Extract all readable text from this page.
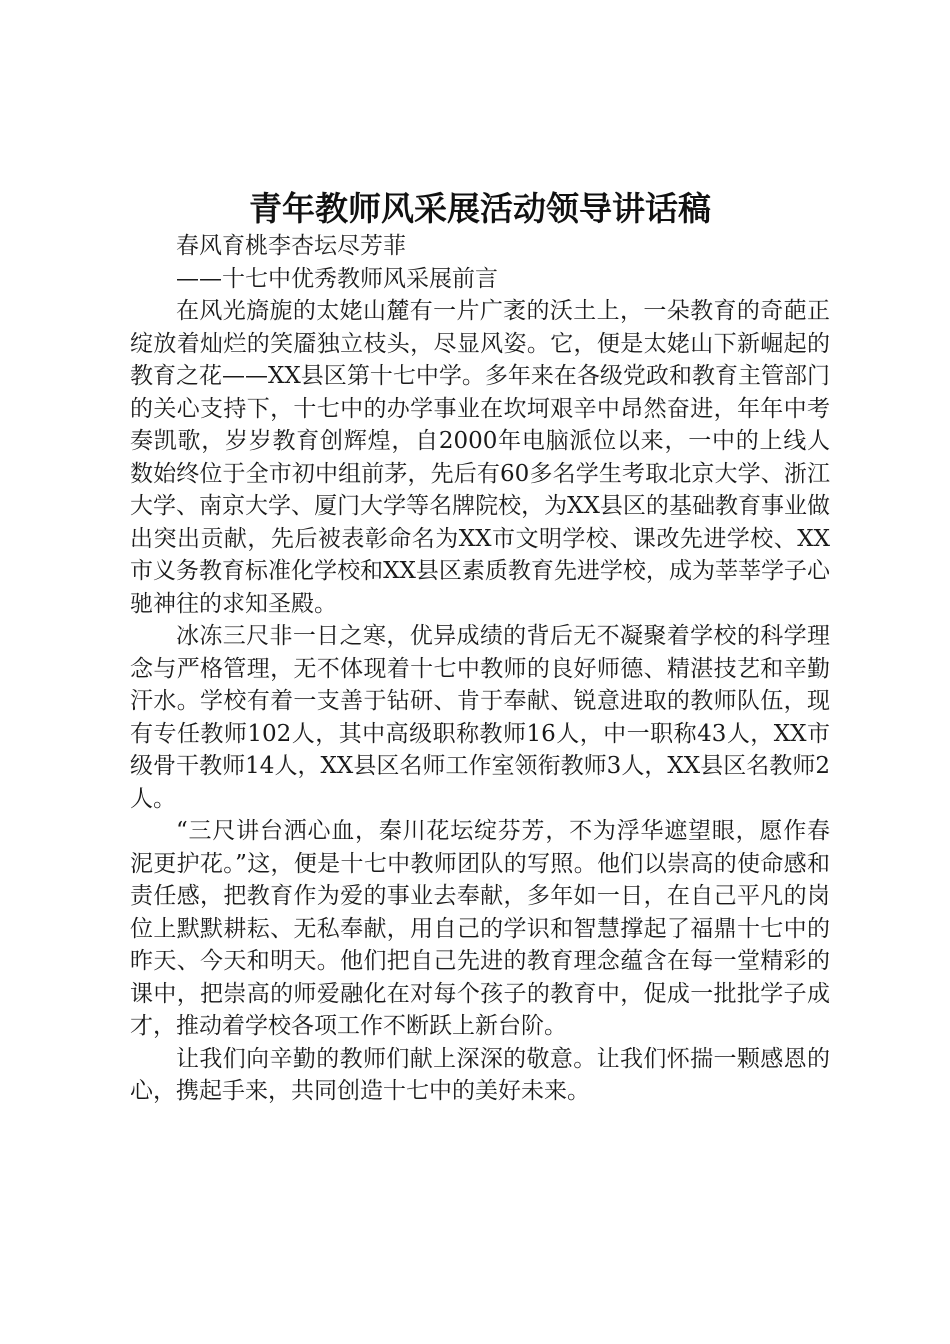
青年教师风采展活动领导讲话稿

春风育桃李杏坛尽芳菲

——十七中优秀教师风采展前言

在风光旖旎的太姥山麓有一片广袤的沃土上，一朵教育的奇葩正绽放着灿烂的笑靥独立枝头，尽显风姿。它，便是太姥山下新崛起的教育之花——XX县区第十七中学。多年来在各级党政和教育主管部门的关心支持下，十七中的办学事业在坎坷艰辛中昂然奋进，年年中考奏凯歌，岁岁教育创辉煌，自2000年电脑派位以来，一中的上线人数始终位于全市初中组前茅，先后有60多名学生考取北京大学、浙江大学、南京大学、厦门大学等名牌院校，为XX县区的基础教育事业做出突出贡献，先后被表彰命名为XX市文明学校、课改先进学校、XX市义务教育标准化学校和XX县区素质教育先进学校，成为莘莘学子心驰神往的求知圣殿。

冰冻三尺非一日之寒，优异成绩的背后无不凝聚着学校的科学理念与严格管理，无不体现着十七中教师的良好师德、精湛技艺和辛勤汗水。学校有着一支善于钻研、肯于奉献、锐意进取的教师队伍，现有专任教师102人，其中高级职称教师16人，中一职称43人，XX市级骨干教师14人，XX县区名师工作室领衔教师3人，XX县区名教师2人。

“三尺讲台洒心血，秦川花坛绽芬芳，不为浮华遮望眼，愿作春泥更护花。”这，便是十七中教师团队的写照。他们以崇高的使命感和责任感，把教育作为爱的事业去奉献，多年如一日，在自己平凡的岗位上默默耕耘、无私奉献，用自己的学识和智慧撑起了福鼎十七中的昨天、今天和明天。他们把自己先进的教育理念蕴含在每一堂精彩的课中，把崇高的师爱融化在对每个孩子的教育中，促成一批批学子成才，推动着学校各项工作不断跃上新台阶。

让我们向辛勤的教师们献上深深的敬意。让我们怀揣一颗感恩的心，携起手来，共同创造十七中的美好未来。
